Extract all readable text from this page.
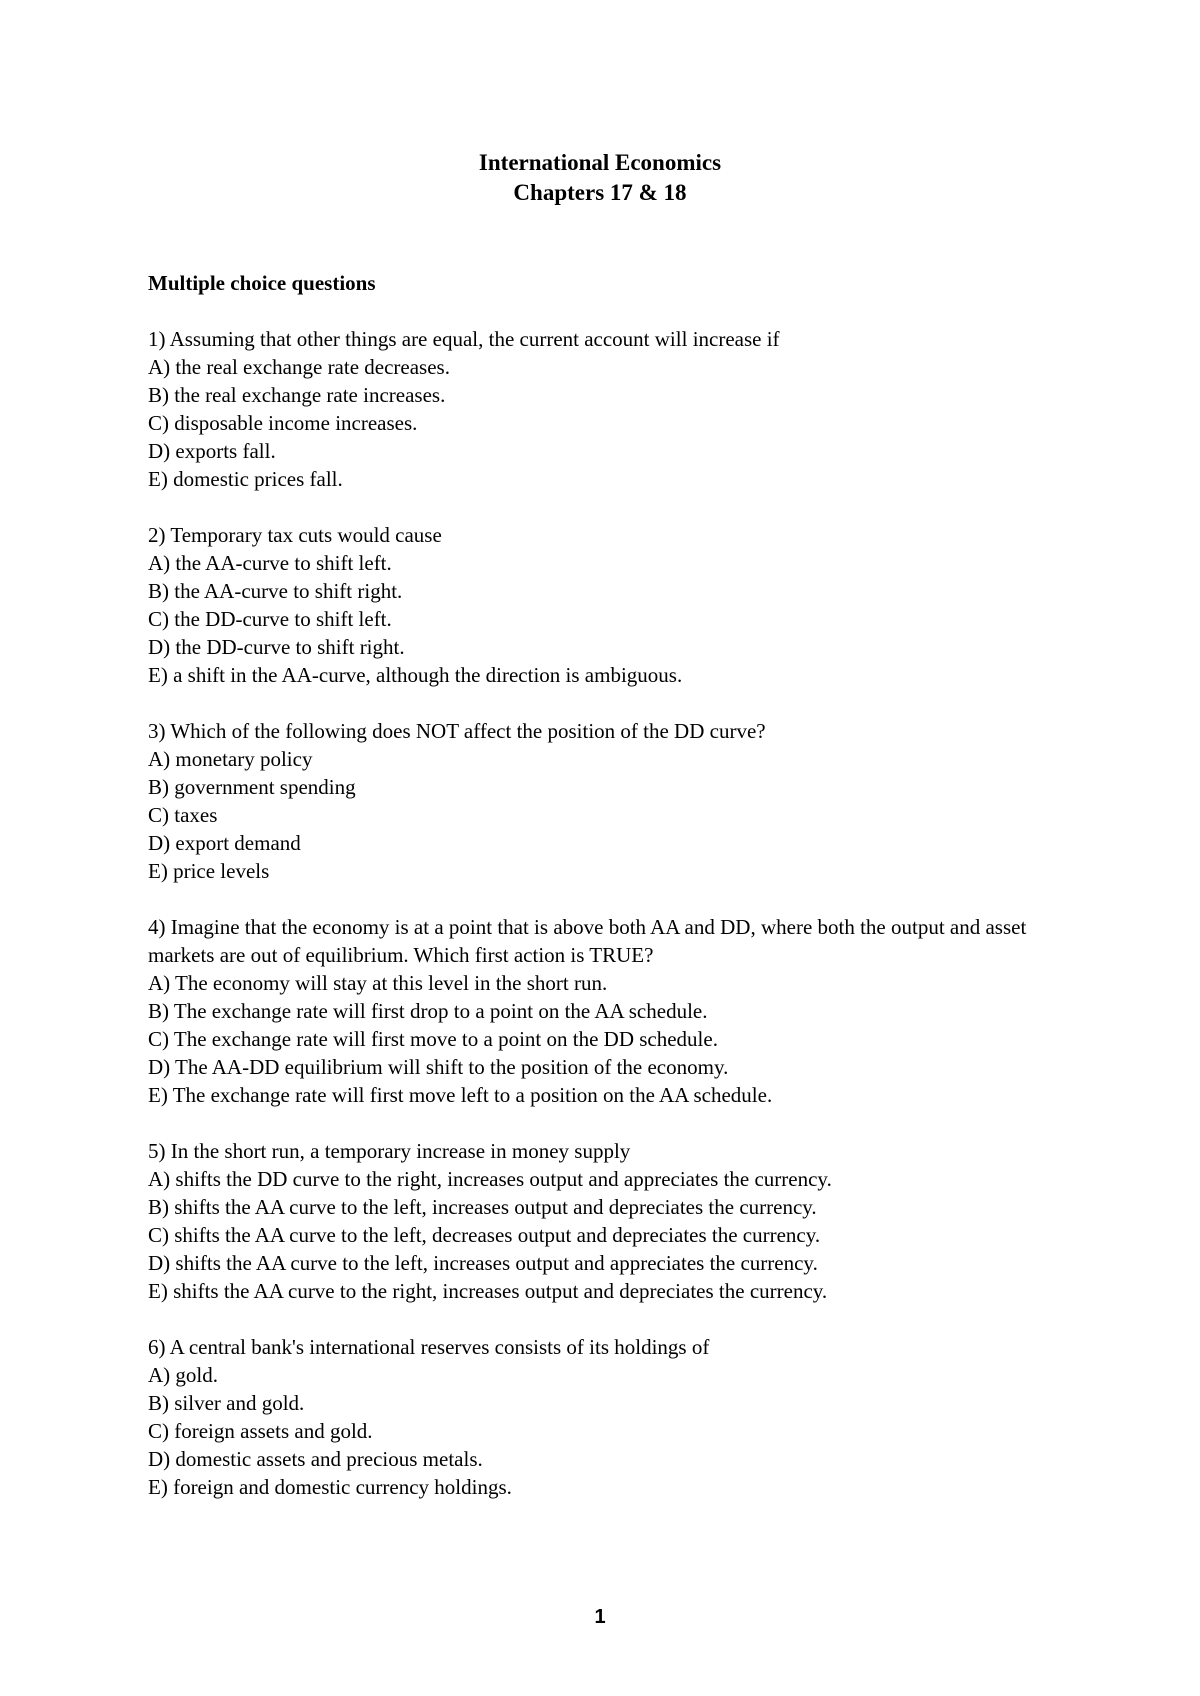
International Economics
Chapters 17 & 18
Multiple choice questions
1) Assuming that other things are equal, the current account will increase if
A) the real exchange rate decreases.
B) the real exchange rate increases.
C) disposable income increases.
D) exports fall.
E) domestic prices fall.
2) Temporary tax cuts would cause
A) the AA-curve to shift left.
B) the AA-curve to shift right.
C) the DD-curve to shift left.
D) the DD-curve to shift right.
E) a shift in the AA-curve, although the direction is ambiguous.
3) Which of the following does NOT affect the position of the DD curve?
A) monetary policy
B) government spending
C) taxes
D) export demand
E) price levels
4) Imagine that the economy is at a point that is above both AA and DD, where both the output and asset markets are out of equilibrium. Which first action is TRUE?
A) The economy will stay at this level in the short run.
B) The exchange rate will first drop to a point on the AA schedule.
C) The exchange rate will first move to a point on the DD schedule.
D) The AA-DD equilibrium will shift to the position of the economy.
E) The exchange rate will first move left to a position on the AA schedule.
5) In the short run, a temporary increase in money supply
A) shifts the DD curve to the right, increases output and appreciates the currency.
B) shifts the AA curve to the left, increases output and depreciates the currency.
C) shifts the AA curve to the left, decreases output and depreciates the currency.
D) shifts the AA curve to the left, increases output and appreciates the currency.
E) shifts the AA curve to the right, increases output and depreciates the currency.
6) A central bank's international reserves consists of its holdings of
A) gold.
B) silver and gold.
C) foreign assets and gold.
D) domestic assets and precious metals.
E) foreign and domestic currency holdings.
1
